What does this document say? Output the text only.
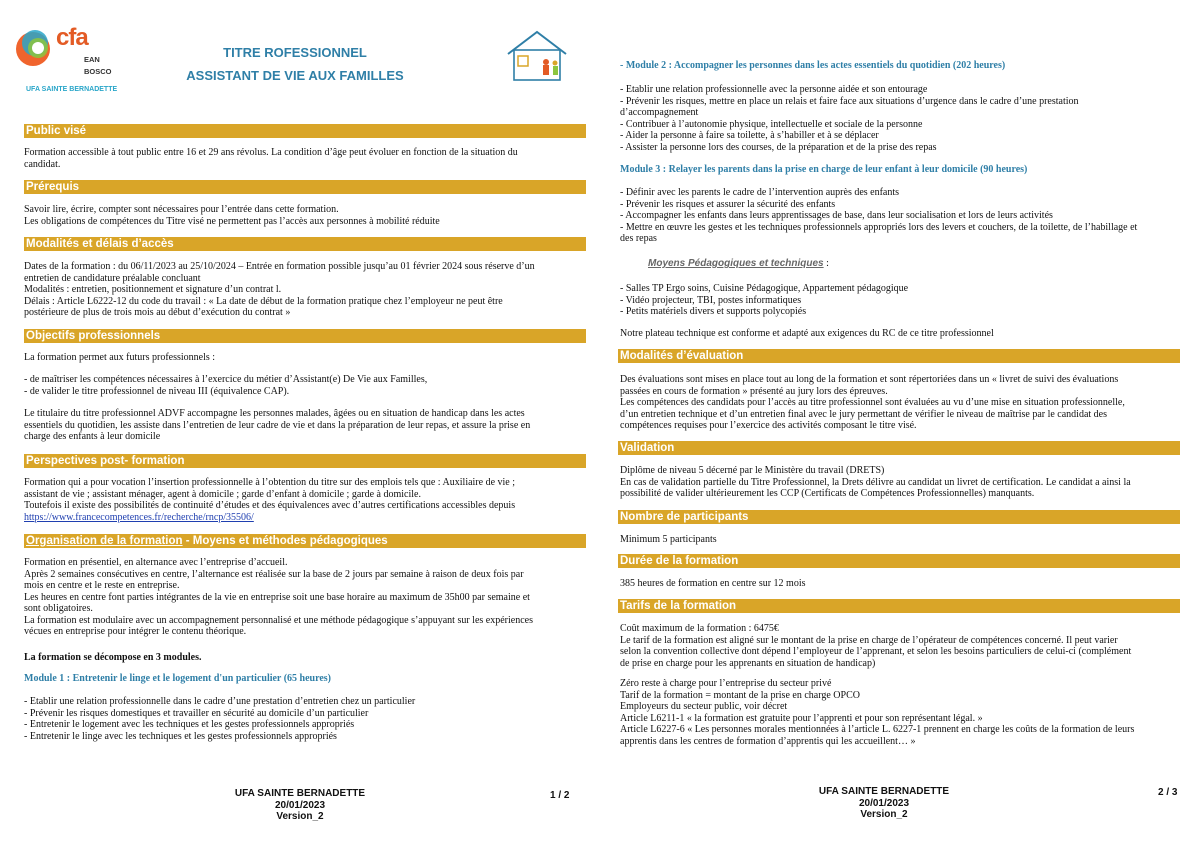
cfa
EAN BOSCO
UFA SAINTE BERNADETTE
TITRE ROFESSIONNEL
ASSISTANT DE VIE AUX FAMILLES
Public visé
Formation accessible à tout public entre 16 et 29 ans révolus. La condition d’âge peut évoluer en fonction de la situation du
candidat.
Prérequis
Savoir lire, écrire, compter sont nécessaires pour l’entrée dans cette formation.
Les obligations de compétences du Titre visé ne permettent pas l’accès aux personnes à mobilité réduite
Modalités et délais d’accès
Dates de la formation : du 06/11/2023 au 25/10/2024 – Entrée en formation possible jusqu’au 01 février 2024 sous réserve d’un
entretien de candidature préalable concluant
Modalités : entretien, positionnement et signature d’un contrat l.
Délais : Article L6222-12 du code du travail : « La date de début de la formation pratique chez l’employeur ne peut être
postérieure de plus de trois mois au début d’exécution du contrat »
Objectifs professionnels
La formation permet aux futurs professionnels :
- de maîtriser les compétences nécessaires à l’exercice du métier d’Assistant(e) De Vie aux Familles,
- de valider le titre professionnel de niveau III (équivalence CAP).
Le titulaire du titre professionnel ADVF accompagne les personnes malades, âgées ou en situation de handicap dans les actes
essentiels du quotidien, les assiste dans l’entretien de leur cadre de vie et dans la préparation de leur repas, et assure la prise en
charge des enfants à leur domicile
Perspectives post- formation
Formation qui a pour vocation l’insertion professionnelle à l’obtention du titre sur des emplois tels que : Auxiliaire de vie ;
assistant de vie ; assistant ménager, agent à domicile ; garde d’enfant à domicile ; garde à domicile.
Toutefois il existe des possibilités de continuité d’études et des équivalences avec d’autres certifications accessibles depuis
https://www.francecompetences.fr/recherche/rncp/35506/
Organisation de la formation - Moyens et méthodes pédagogiques
Formation en présentiel, en alternance avec l’entreprise d’accueil.
Après 2 semaines consécutives en centre, l’alternance est réalisée sur la base de 2 jours par semaine à raison de deux fois par
mois en centre et le reste en entreprise.
Les heures en centre font parties intégrantes de la vie en entreprise soit une base horaire au maximum de 35h00 par semaine et
sont obligatoires.
La formation est modulaire avec un accompagnement personnalisé et une méthode pédagogique s’appuyant sur les expériences
vécues en entreprise pour intégrer le contenu théorique.
La formation se décompose en 3 modules.
Module 1 : Entretenir le linge et le logement d'un particulier (65 heures)
- Etablir une relation professionnelle dans le cadre d’une prestation d’entretien chez un particulier
- Prévenir les risques domestiques et travailler en sécurité au domicile d’un particulier
- Entretenir le logement avec les techniques et les gestes professionnels appropriés
- Entretenir le linge avec les techniques et les gestes professionnels appropriés
UFA SAINTE BERNADETTE
20/01/2023
Version_2
1 / 2
- Module 2 : Accompagner les personnes dans les actes essentiels du quotidien (202 heures)
- Etablir une relation professionnelle avec la personne aidée et son entourage
- Prévenir les risques, mettre en place un relais et faire face aux situations d’urgence dans le cadre d’une prestation
d’accompagnement
- Contribuer à l’autonomie physique, intellectuelle et sociale de la personne
- Aider la personne à faire sa toilette, à s’habiller et à se déplacer
- Assister la personne lors des courses, de la préparation et de la prise des repas
Module 3 : Relayer les parents dans la prise en charge de leur enfant à leur domicile (90 heures)
- Définir avec les parents le cadre de l’intervention auprès des enfants
- Prévenir les risques et assurer la sécurité des enfants
- Accompagner les enfants dans leurs apprentissages de base, dans leur socialisation et lors de leurs activités
- Mettre en œuvre les gestes et les techniques professionnels appropriés lors des levers et couchers, de la toilette, de l’habillage et
des repas
Moyens Pédagogiques et techniques :
- Salles TP Ergo soins, Cuisine Pédagogique, Appartement pédagogique
- Vidéo projecteur, TBI, postes informatiques
- Petits matériels divers et supports polycopiés
Notre plateau technique est conforme et adapté aux exigences du RC de ce titre professionnel
Modalités d’évaluation
Des évaluations sont mises en place tout au long de la formation et sont répertoriées dans un « livret de suivi des évaluations
passées en cours de formation » présenté au jury lors des épreuves.
Les compétences des candidats pour l’accès au titre professionnel sont évaluées au vu d’une mise en situation professionnelle,
d’un entretien technique et d’un entretien final avec le jury permettant de vérifier le niveau de maîtrise par le candidat des
compétences requises pour l’exercice des activités composant le titre visé.
Validation
Diplôme de niveau 5 décerné par le Ministère du travail (DRETS)
En cas de validation partielle du Titre Professionnel, la Drets délivre au candidat un livret de certification. Le candidat a ainsi la
possibilité de valider ultérieurement les CCP (Certificats de Compétences Professionnelles) manquants.
Nombre de participants
Minimum 5 participants
Durée de la formation
385 heures de formation en centre sur 12 mois
Tarifs de la formation
Coût maximum de la formation : 6475€
Le tarif de la formation est aligné sur le montant de la prise en charge de l’opérateur de compétences concerné. Il peut varier
selon la convention collective dont dépend l’employeur de l’apprenant, et selon les besoins particuliers de celui-ci (complément
de prise en charge pour les apprenants en situation de handicap)
Zéro reste à charge pour l’entreprise du secteur privé
Tarif de la formation = montant de la prise en charge OPCO
Employeurs du secteur public, voir décret
Article L6211-1 « la formation est gratuite pour l’apprenti et pour son représentant légal. »
Article L6227-6 « Les personnes morales mentionnées à l’article L. 6227-1 prennent en charge les coûts de la formation de leurs
apprentis dans les centres de formation d’apprentis qui les accueillent… »
UFA SAINTE BERNADETTE
20/01/2023
Version_2
2 / 3
